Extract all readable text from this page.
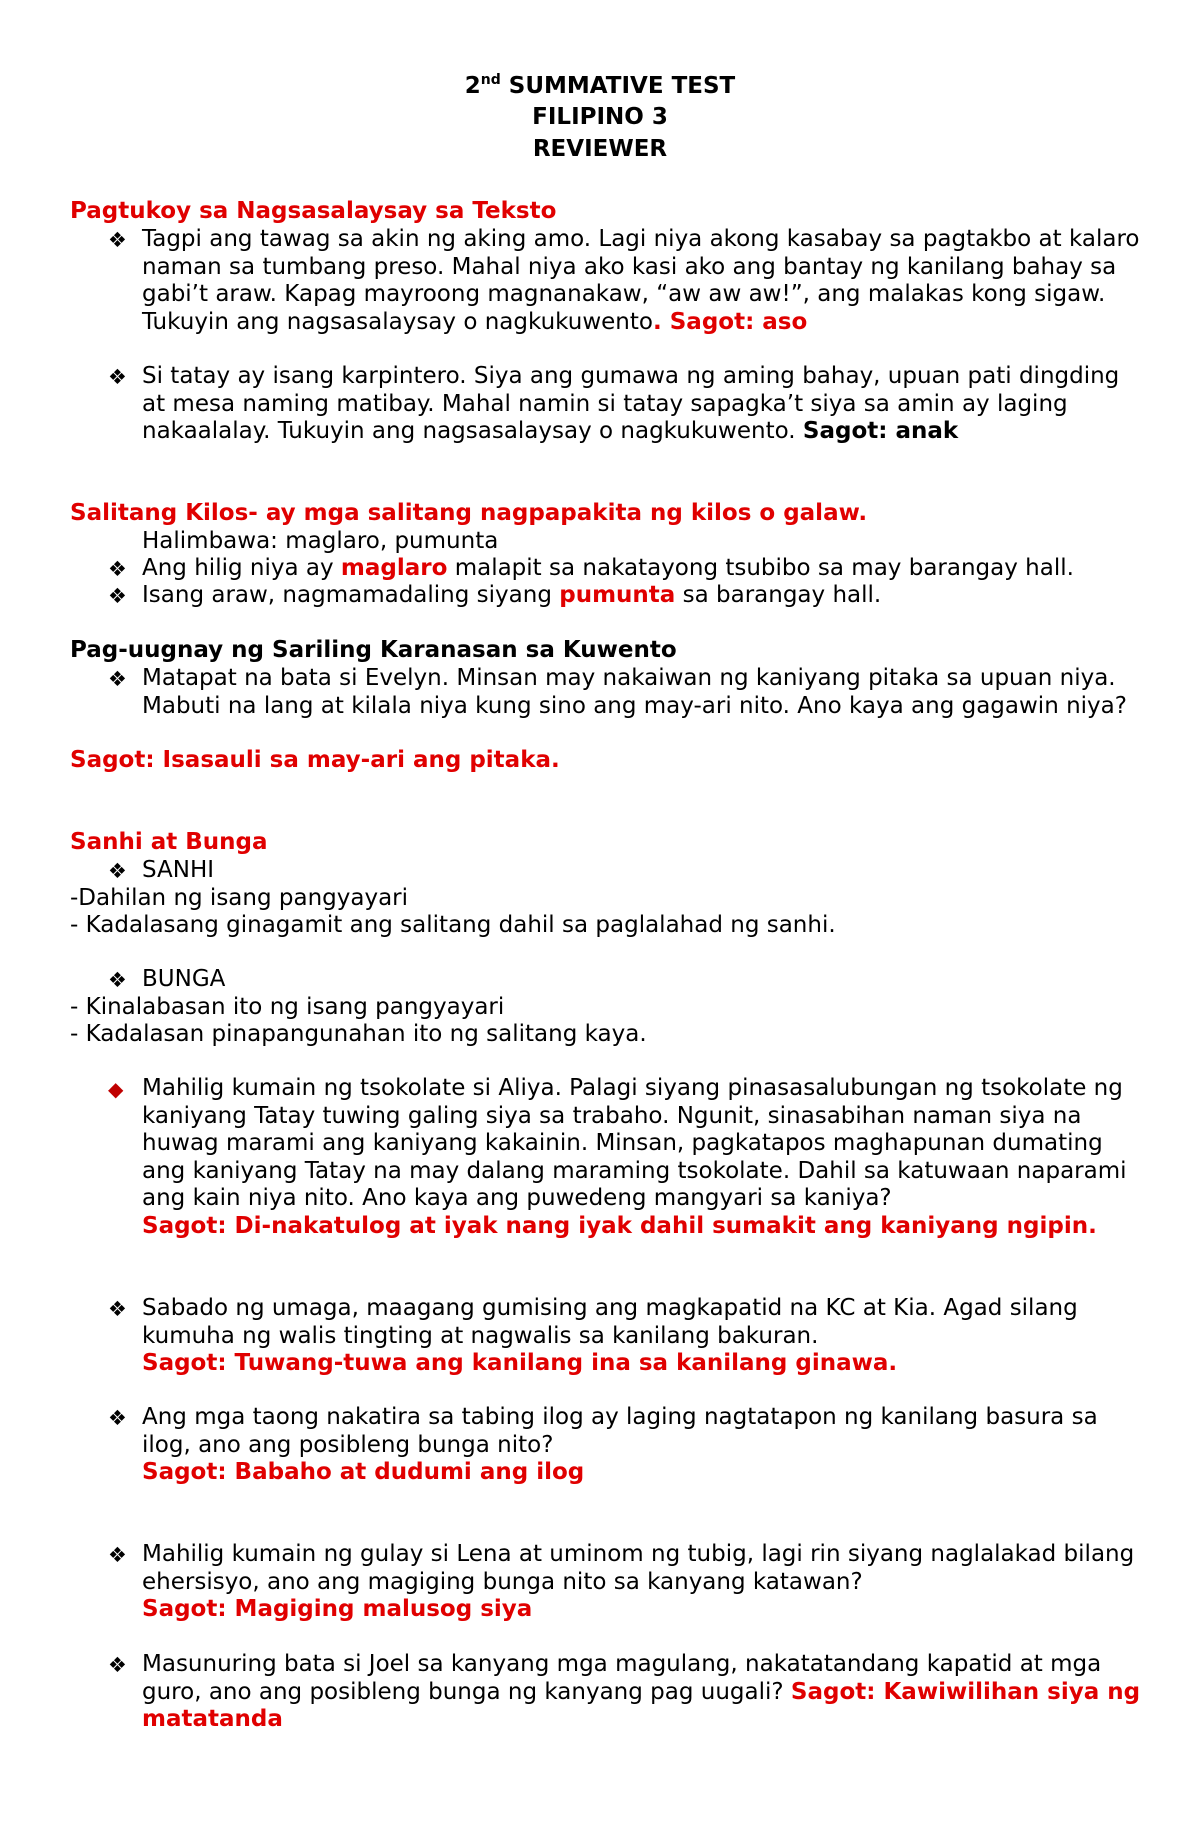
2nd SUMMATIVE TEST
FILIPINO 3
REVIEWER
Pagtukoy sa Nagsasalaysay sa Teksto
❖ Tagpi ang tawag sa akin ng aking amo. Lagi niya akong kasabay sa pagtakbo at kalaro naman sa tumbang preso. Mahal niya ako kasi ako ang bantay ng kanilang bahay sa gabi’t araw. Kapag mayroong magnanakaw, “aw aw aw!”, ang malakas kong sigaw. Tukuyin ang nagsasalaysay o nagkukuwento. Sagot: aso
❖ Si tatay ay isang karpintero. Siya ang gumawa ng aming bahay, upuan pati dingding at mesa naming matibay. Mahal namin si tatay sapagka’t siya sa amin ay laging nakaalalay. Tukuyin ang nagsasalaysay o nagkukuwento. Sagot: anak
Salitang Kilos- ay mga salitang nagpapakita ng kilos o galaw.
Halimbawa: maglaro, pumunta
❖ Ang hilig niya ay maglaro malapit sa nakatayong tsubibo sa may barangay hall.
❖ Isang araw, nagmamadaling siyang pumunta sa barangay hall.
Pag-uugnay ng Sariling Karanasan sa Kuwento
❖ Matapat na bata si Evelyn. Minsan may nakaiwan ng kaniyang pitaka sa upuan niya. Mabuti na lang at kilala niya kung sino ang may-ari nito. Ano kaya ang gagawin niya?
Sagot: Isasauli sa may-ari ang pitaka.
Sanhi at Bunga
❖ SANHI
-Dahilan ng isang pangyayari
- Kadalasang ginagamit ang salitang dahil sa paglalahad ng sanhi.
❖ BUNGA
- Kinalabasan ito ng isang pangyayari
- Kadalasan pinapangunahan ito ng salitang kaya.
◆ Mahilig kumain ng tsokolate si Aliya. Palagi siyang pinasasalubungan ng tsokolate ng kaniyang Tatay tuwing galing siya sa trabaho. Ngunit, sinasabihan naman siya na huwag marami ang kaniyang kakainin. Minsan, pagkatapos maghapunan dumating ang kaniyang Tatay na may dalang maraming tsokolate. Dahil sa katuwaan naparami ang kain niya nito. Ano kaya ang puwedeng mangyari sa kaniya?
Sagot: Di-nakatulog at iyak nang iyak dahil sumakit ang kaniyang ngipin.
❖ Sabado ng umaga, maagang gumising ang magkapatid na KC at Kia. Agad silang kumuha ng walis tingting at nagwalis sa kanilang bakuran.
Sagot: Tuwang-tuwa ang kanilang ina sa kanilang ginawa.
❖ Ang mga taong nakatira sa tabing ilog ay laging nagtatapon ng kanilang basura sa ilog, ano ang posibleng bunga nito?
Sagot: Babaho at dudumi ang ilog
❖ Mahilig kumain ng gulay si Lena at uminom ng tubig, lagi rin siyang naglalakad bilang ehersisyo, ano ang magiging bunga nito sa kanyang katawan?
Sagot: Magiging malusog siya
❖ Masunuring bata si Joel sa kanyang mga magulang, nakatatandang kapatid at mga guro, ano ang posibleng bunga ng kanyang pag uugali? Sagot: Kawiwilihan siya ng matatanda
